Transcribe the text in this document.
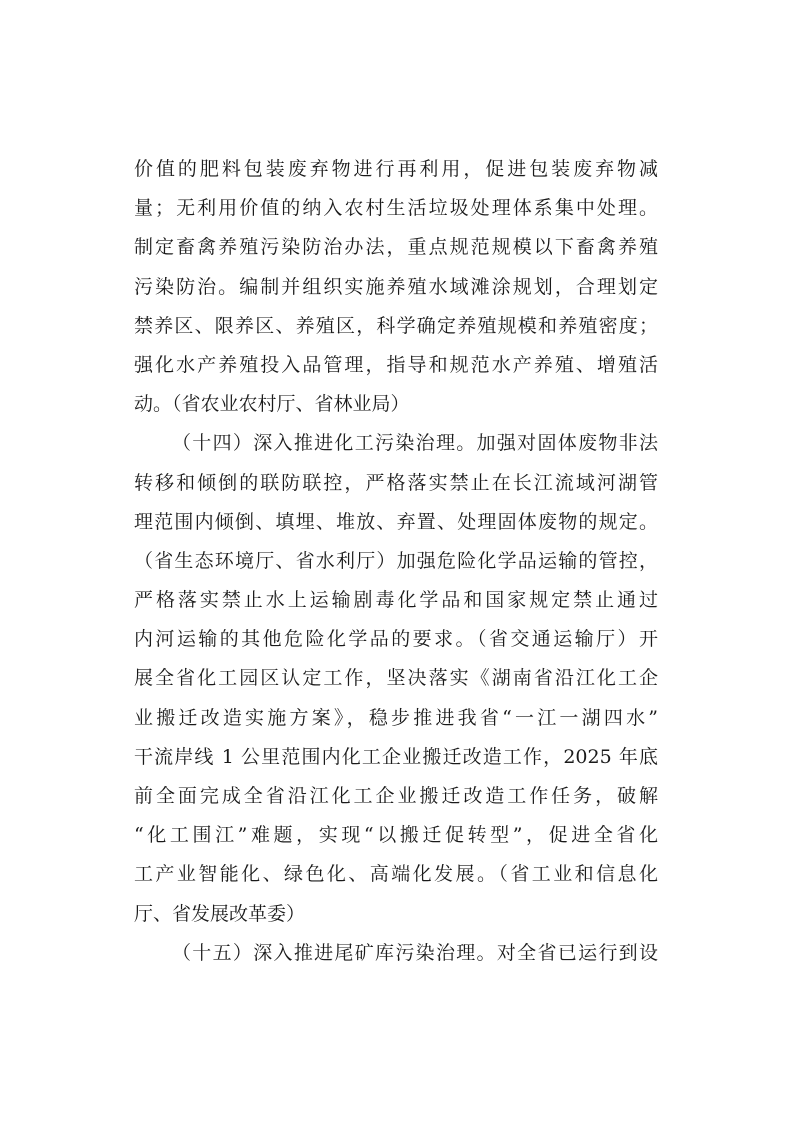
价值的肥料包装废弃物进行再利用，促进包装废弃物减
量；无利用价值的纳入农村生活垃圾处理体系集中处理。
制定畜禽养殖污染防治办法，重点规范规模以下畜禽养殖
污染防治。编制并组织实施养殖水域滩涂规划，合理划定
禁养区、限养区、养殖区，科学确定养殖规模和养殖密度；
强化水产养殖投入品管理，指导和规范水产养殖、增殖活
动。（省农业农村厅、省林业局）
（十四）深入推进化工污染治理。加强对固体废物非法
转移和倾倒的联防联控，严格落实禁止在长江流域河湖管
理范围内倾倒、填埋、堆放、弃置、处理固体废物的规定。
（省生态环境厅、省水利厅）加强危险化学品运输的管控，
严格落实禁止水上运输剧毒化学品和国家规定禁止通过
内河运输的其他危险化学品的要求。（省交通运输厅）开
展全省化工园区认定工作，坚决落实《湖南省沿江化工企
业搬迁改造实施方案》，稳步推进我省“一江一湖四水”
干流岸线 1 公里范围内化工企业搬迁改造工作，2025 年底
前全面完成全省沿江化工企业搬迁改造工作任务，破解
“化工围江”难题，实现“以搬迁促转型”，促进全省化
工产业智能化、绿色化、高端化发展。（省工业和信息化
厅、省发展改革委）
（十五）深入推进尾矿库污染治理。对全省已运行到设
